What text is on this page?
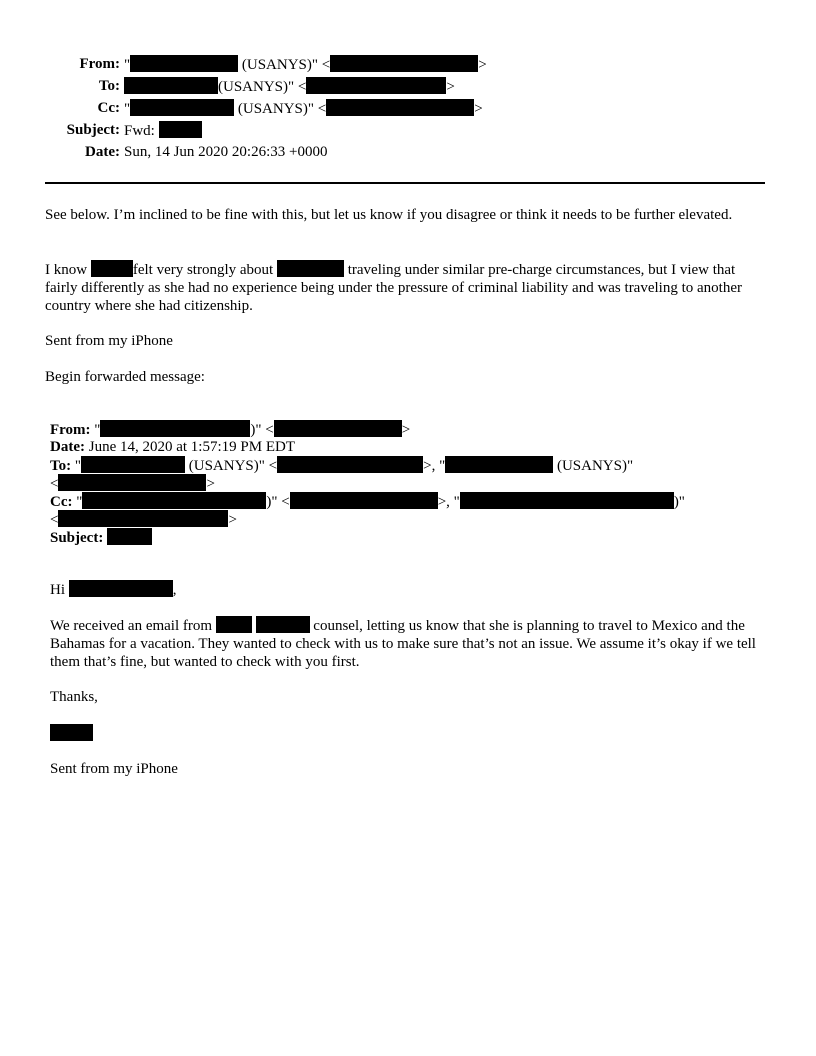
From: "	(USANYS)" <	>
To:	(USANYS)" <	>
Cc: "	(USANYS)" <	>
Subject: Fwd:
Date: Sun, 14 Jun 2020 20:26:33 +0000
See below. I’m inclined to be fine with this, but let us know if you disagree or think it needs to be further elevated.
I know	felt very strongly about	traveling under similar pre-charge circumstances, but I view that fairly differently as she had no experience being under the pressure of criminal liability and was traveling to another country where she had citizenship.
Sent from my iPhone
Begin forwarded message:
From: "	)" <	>
Date: June 14, 2020 at 1:57:19 PM EDT
To: "	(USANYS)" <	>, "	(USANYS)"
<	>
Cc: "	)" <	>, "	)"
<	>
Subject:
Hi	,
We received an email from	counsel, letting us know that she is planning to travel to Mexico and the Bahamas for a vacation. They wanted to check with us to make sure that’s not an issue. We assume it’s okay if we tell them that’s fine, but wanted to check with you first.
Thanks,
Sent from my iPhone
